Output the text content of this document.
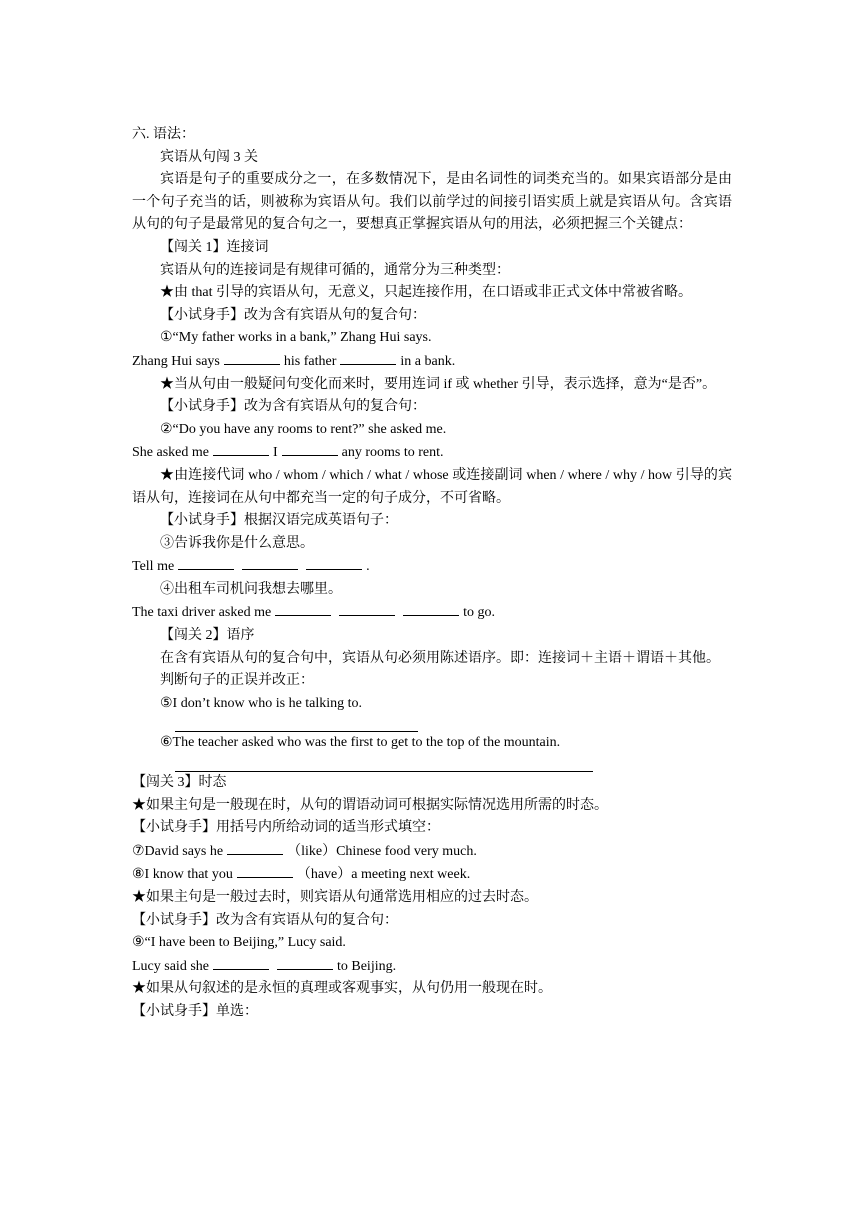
六. 语法：
宾语从句闯 3 关
宾语是句子的重要成分之一，在多数情况下，是由名词性的词类充当的。如果宾语部分是由一个句子充当的话，则被称为宾语从句。我们以前学过的间接引语实质上就是宾语从句。含宾语从句的句子是最常见的复合句之一，要想真正掌握宾语从句的用法，必须把握三个关键点：
【闯关 1】连接词
宾语从句的连接词是有规律可循的，通常分为三种类型：
★由 that 引导的宾语从句，无意义，只起连接作用，在口语或非正式文体中常被省略。
【小试身手】改为含有宾语从句的复合句：
①“My father works in a bank,” Zhang Hui says.
Zhang Hui says	his father	in a bank.
★当从句由一般疑问句变化而来时，要用连词 if 或 whether 引导，表示选择，意为“是否”。
【小试身手】改为含有宾语从句的复合句：
②“Do you have any rooms to rent?” she asked me.
She asked me	I	any rooms to rent.
★由连接代词 who / whom / which / what / whose 或连接副词 when / where / why / how 引导的宾语从句，连接词在从句中都充当一定的句子成分，不可省略。
【小试身手】根据汉语完成英语句子：
③告诉我你是什么意思。
Tell me	.
④出租车司机问我想去哪里。
The taxi driver asked me	to go.
【闯关 2】语序
在含有宾语从句的复合句中，宾语从句必须用陈述语序。即：连接词＋主语＋谓语＋其他。
判断句子的正误并改正：
⑤I don’t know who is he talking to.
⑥The teacher asked who was the first to get to the top of the mountain.
【闯关 3】时态
★如果主句是一般现在时，从句的谓语动词可根据实际情况选用所需的时态。
【小试身手】用括号内所给动词的适当形式填空：
⑦David says he	（like）Chinese food very much.
⑧I know that you	（have）a meeting next week.
★如果主句是一般过去时，则宾语从句通常选用相应的过去时态。
【小试身手】改为含有宾语从句的复合句：
⑨“I have been to Beijing,” Lucy said.
Lucy said she	to Beijing.
★如果从句叙述的是永恒的真理或客观事实，从句仍用一般现在时。
【小试身手】单选：
